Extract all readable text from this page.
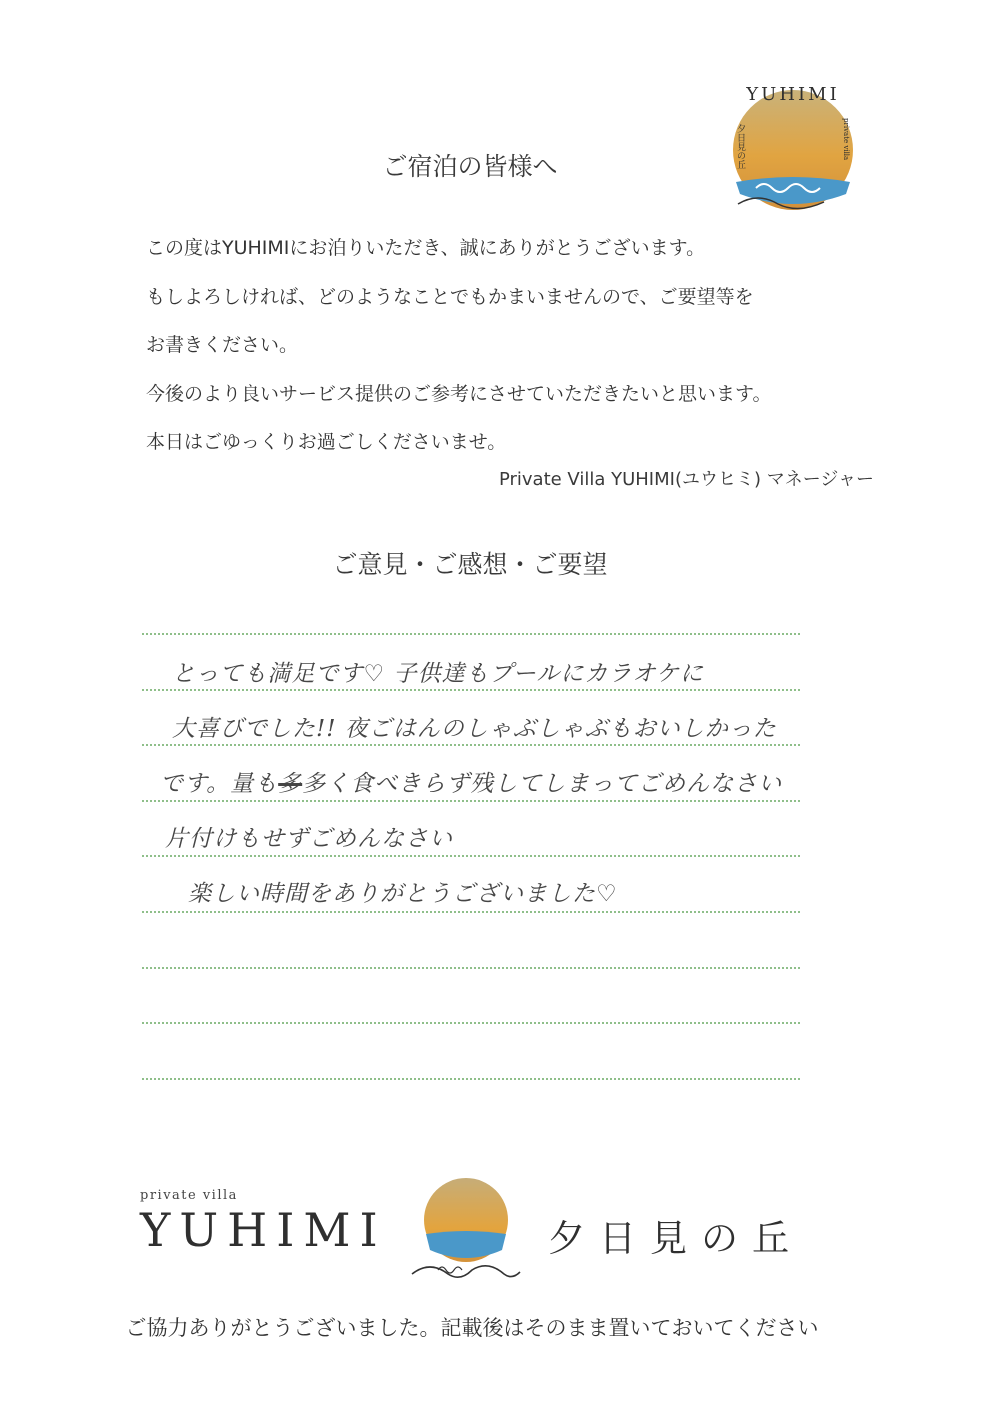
YUHIMI
夕日見の丘	private villa
ご宿泊の皆様へ

この度はYUHIMIにお泊りいただき、誠にありがとうございます。

もしよろしければ、どのようなことでもかまいませんので、ご要望等を

お書きください。

今後のより良いサービス提供のご参考にさせていただきたいと思います。

本日はごゆっくりお過ごしくださいませ。

Private Villa YUHIMI(ユウヒミ) マネージャー
ご意見・ご感想・ご要望
とっても満足です♡ 子供達もプールにカラオケに
大喜びでした!! 夜ごはんのしゃぶしゃぶもおいしかった
です。量も多多く食べきらず残してしまってごめんなさい
片付けもせずごめんなさい
楽しい時間をありがとうございました♡
private villa
YUHIMI	夕日見の丘
ご協力ありがとうございました。記載後はそのまま置いておいてください
